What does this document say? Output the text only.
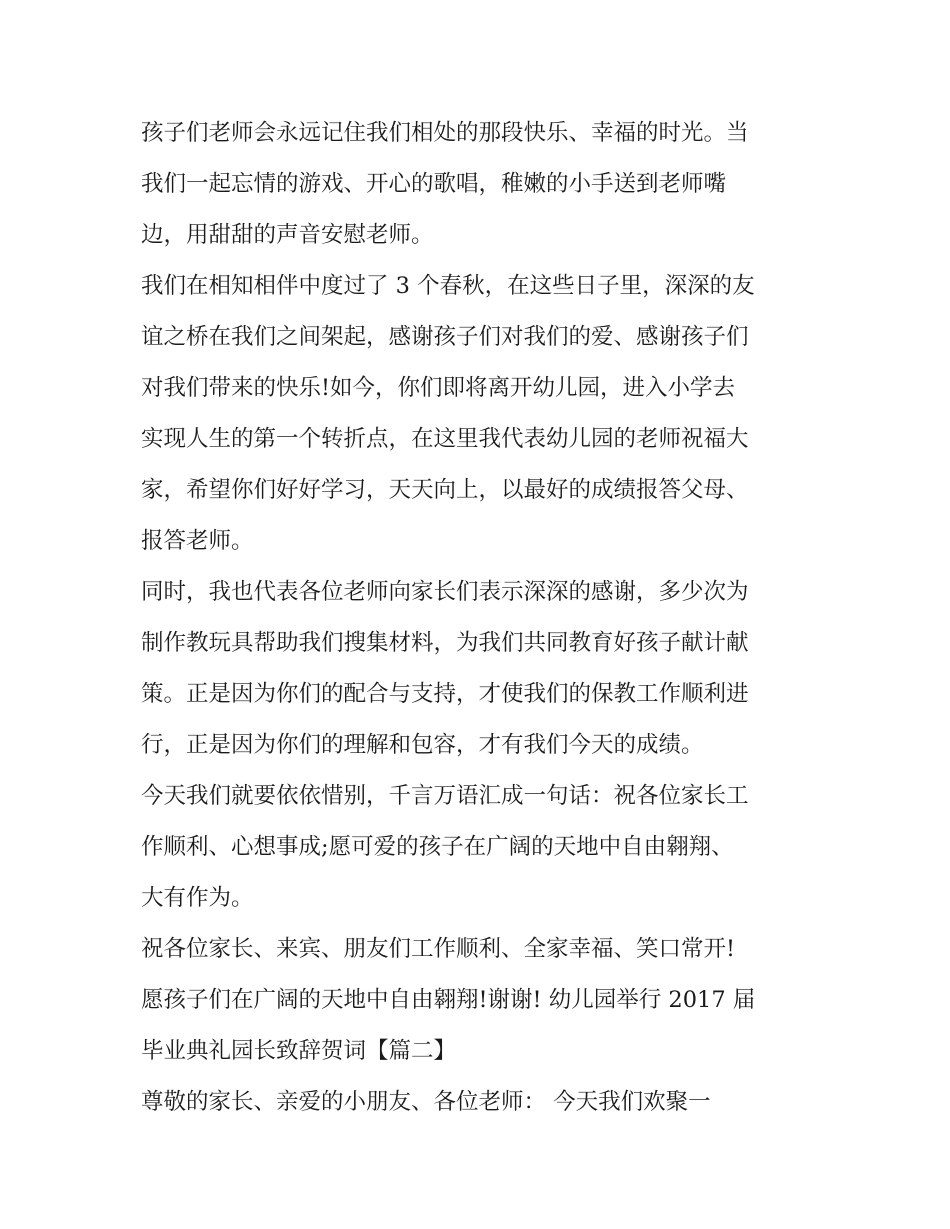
孩子们老师会永远记住我们相处的那段快乐、幸福的时光。当
我们一起忘情的游戏、开心的歌唱，稚嫩的小手送到老师嘴
边，用甜甜的声音安慰老师。
我们在相知相伴中度过了 3 个春秋，在这些日子里，深深的友
谊之桥在我们之间架起，感谢孩子们对我们的爱、感谢孩子们
对我们带来的快乐!如今，你们即将离开幼儿园，进入小学去
实现人生的第一个转折点，在这里我代表幼儿园的老师祝福大
家，希望你们好好学习，天天向上，以最好的成绩报答父母、
报答老师。
同时，我也代表各位老师向家长们表示深深的感谢，多少次为
制作教玩具帮助我们搜集材料，为我们共同教育好孩子献计献
策。正是因为你们的配合与支持，才使我们的保教工作顺利进
行，正是因为你们的理解和包容，才有我们今天的成绩。
今天我们就要依依惜别，千言万语汇成一句话：祝各位家长工
作顺利、心想事成;愿可爱的孩子在广阔的天地中自由翱翔、
大有作为。
祝各位家长、来宾、朋友们工作顺利、全家幸福、笑口常开!
愿孩子们在广阔的天地中自由翱翔!谢谢! 幼儿园举行 2017 届
毕业典礼园长致辞贺词【篇二】
尊敬的家长、亲爱的小朋友、各位老师： 今天我们欢聚一
